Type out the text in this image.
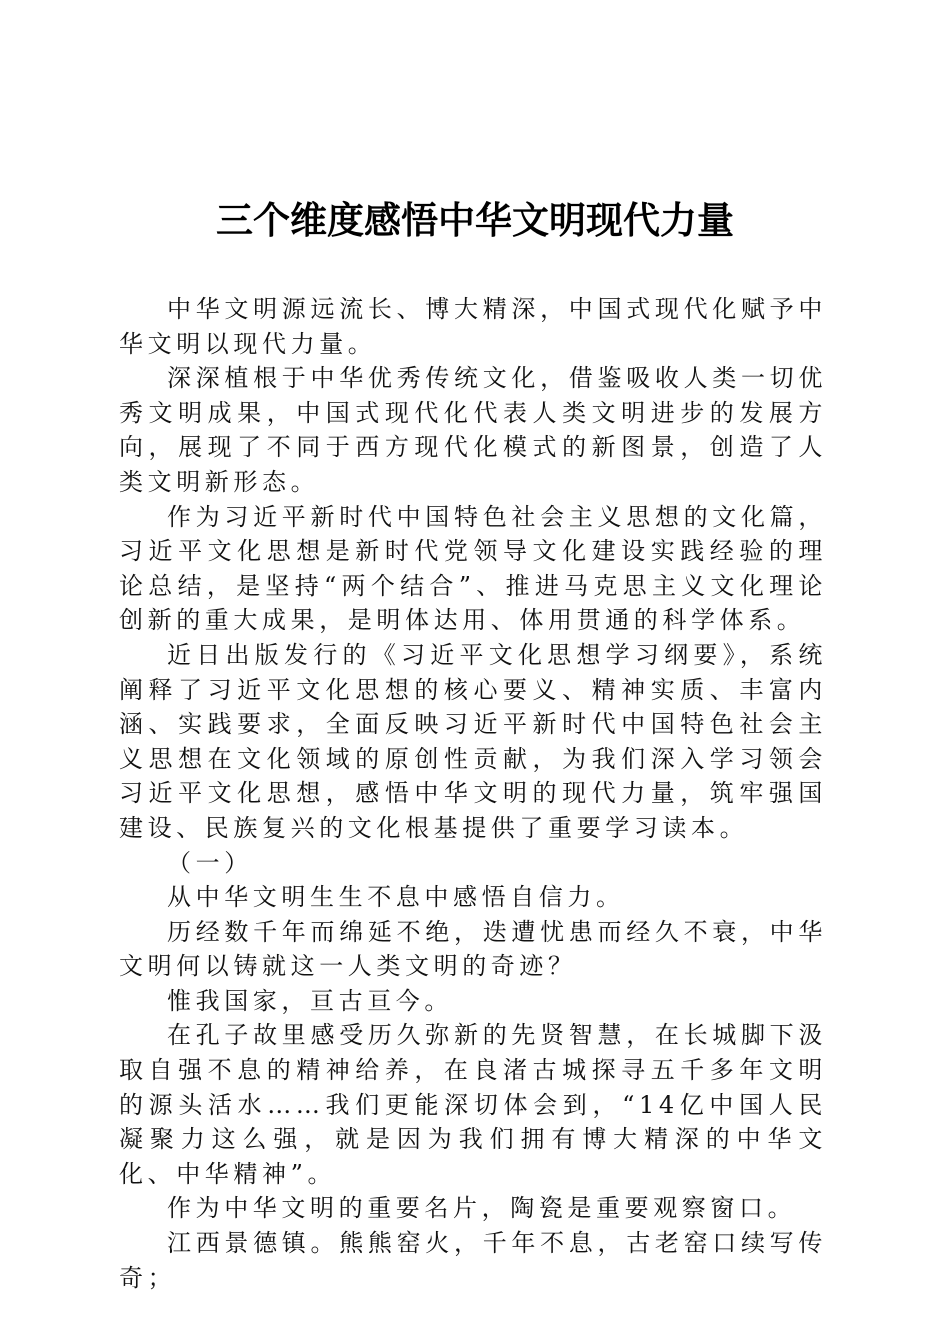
三个维度感悟中华文明现代力量

中华文明源远流长、博大精深，中国式现代化赋予中华文明以现代力量。

深深植根于中华优秀传统文化，借鉴吸收人类一切优秀文明成果，中国式现代化代表人类文明进步的发展方向，展现了不同于西方现代化模式的新图景，创造了人类文明新形态。

作为习近平新时代中国特色社会主义思想的文化篇，习近平文化思想是新时代党领导文化建设实践经验的理论总结，是坚持“两个结合”、推进马克思主义文化理论创新的重大成果，是明体达用、体用贯通的科学体系。

近日出版发行的《习近平文化思想学习纲要》，系统阐释了习近平文化思想的核心要义、精神实质、丰富内涵、实践要求，全面反映习近平新时代中国特色社会主义思想在文化领域的原创性贡献，为我们深入学习领会习近平文化思想，感悟中华文明的现代力量，筑牢强国建设、民族复兴的文化根基提供了重要学习读本。

（一）

从中华文明生生不息中感悟自信力。

历经数千年而绵延不绝，迭遭忧患而经久不衰，中华文明何以铸就这一人类文明的奇迹？

惟我国家，亘古亘今。

在孔子故里感受历久弥新的先贤智慧，在长城脚下汲取自强不息的精神给养，在良渚古城探寻五千多年文明的源头活水……我们更能深切体会到，“14亿中国人民凝聚力这么强，就是因为我们拥有博大精深的中华文化、中华精神”。

作为中华文明的重要名片，陶瓷是重要观察窗口。

江西景德镇。熊熊窑火，千年不息，古老窑口续写传奇；
